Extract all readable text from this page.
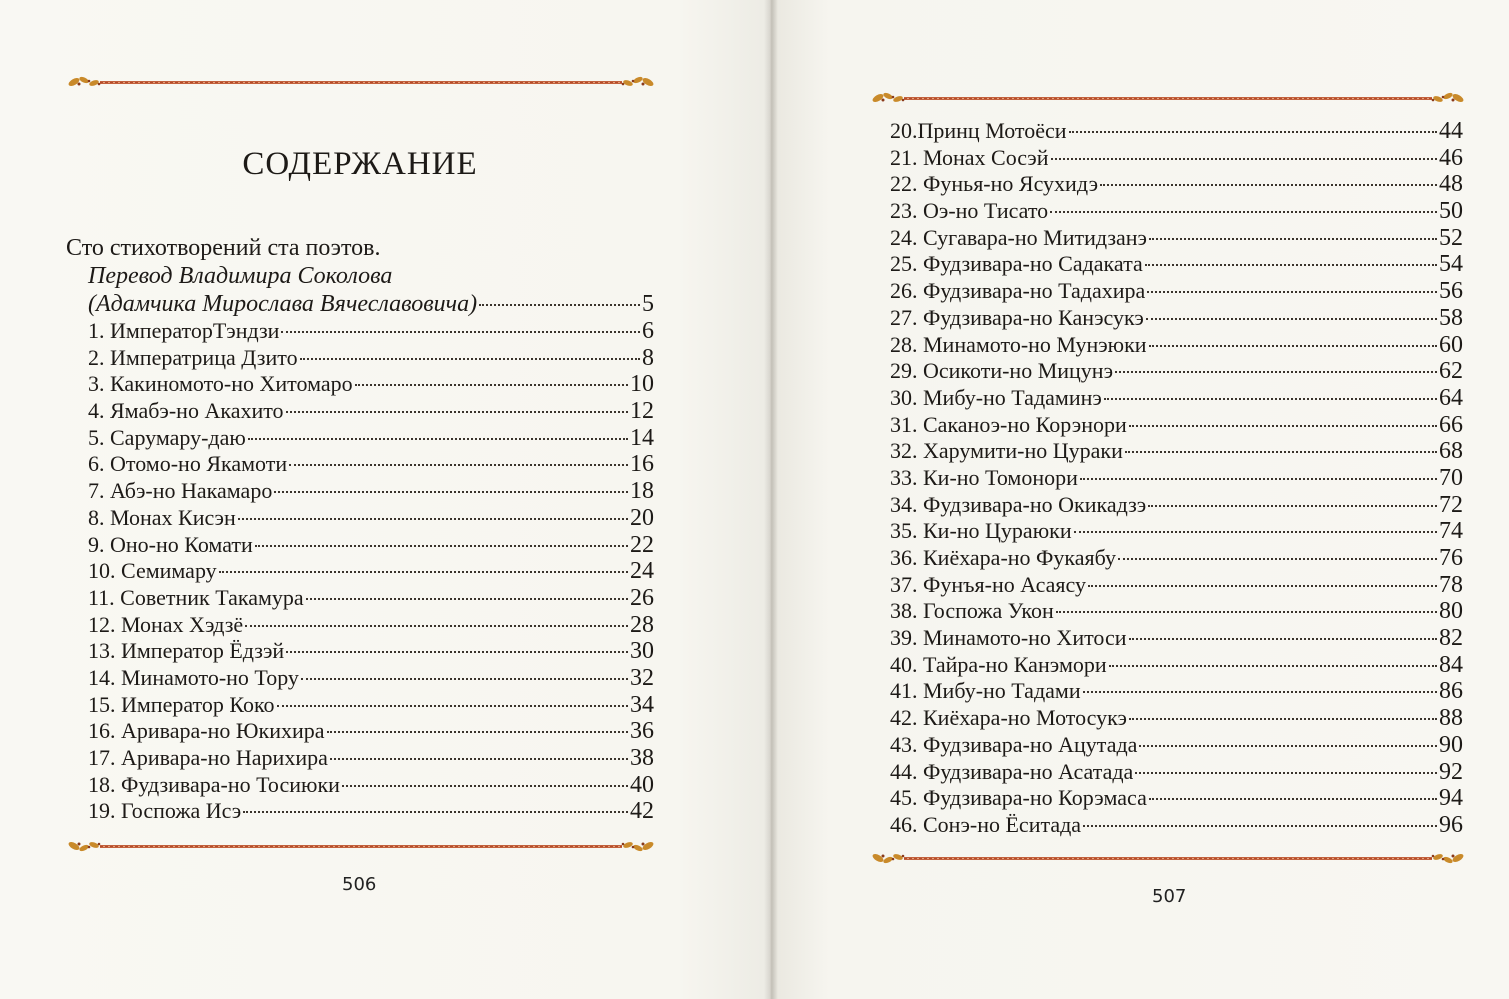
СОДЕРЖАНИЕ
Сто стихотворений ста поэтов.
Перевод Владимира Соколова
(Адамчика Мирослава Вячеславовича)	5
1. ИмператорТэндзи	6
2. Императрица Дзито	8
3. Какиномото-но Хитомаро	10
4. Ямабэ-но Акахито	12
5. Сарумару-даю	14
6. Отомо-но Якамоти	16
7. Абэ-но Накамаро	18
8. Монах Кисэн	20
9. Оно-но Комати	22
10. Семимару	24
11. Советник Такамура	26
12. Монах Хэдзё	28
13. Император Ёдзэй	30
14. Минамото-но Тору	32
15. Император Коко	34
16. Аривара-но Юкихира	36
17. Аривара-но Нарихира	38
18. Фудзивара-но Тосиюки	40
19. Госпожа Исэ	42
506
20.Принц Мотоёси	44
21. Монах Сосэй	46
22. Фунья-но Ясухидэ	48
23. Оэ-но Тисато	50
24. Сугавара-но Митидзанэ	52
25. Фудзивара-но Садаката	54
26. Фудзивара-но Тадахира	56
27. Фудзивара-но Канэсукэ	58
28. Минамото-но Мунэюки	60
29. Осикоти-но Мицунэ	62
30. Мибу-но Тадаминэ	64
31. Саканоэ-но Корэнори	66
32. Харумити-но Цураки	68
33. Ки-но Томонори	70
34. Фудзивара-но Окикадзэ	72
35. Ки-но Цураюки	74
36. Киёхара-но Фукаябу	76
37. Фунъя-но Асаясу	78
38. Госпожа Укон	80
39. Минамото-но Хитоси	82
40. Тайра-но Канэмори	84
41. Мибу-но Тадами	86
42. Киёхара-но Мотосукэ	88
43. Фудзивара-но Ацутада	90
44. Фудзивара-но Асатада	92
45. Фудзивара-но Корэмаса	94
46. Сонэ-но Ёситада	96
507
